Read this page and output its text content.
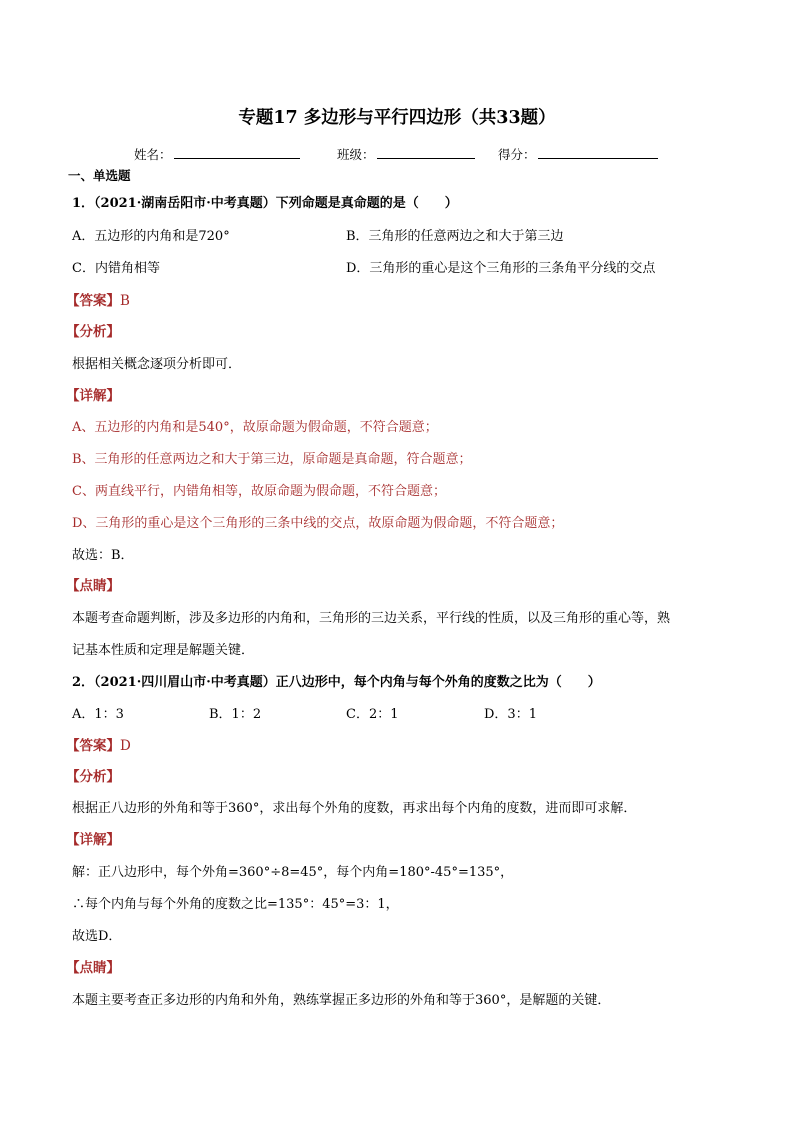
专题17 多边形与平行四边形（共33题）
姓名：	班级：	得分：
一、单选题
1．（2021·湖南岳阳市·中考真题）下列命题是真命题的是（　　）
A．五边形的内角和是720°	B．三角形的任意两边之和大于第三边
C．内错角相等	D．三角形的重心是这个三角形的三条角平分线的交点
【答案】B
【分析】
根据相关概念逐项分析即可．
【详解】
A、五边形的内角和是540°，故原命题为假命题，不符合题意；
B、三角形的任意两边之和大于第三边，原命题是真命题，符合题意；
C、两直线平行，内错角相等，故原命题为假命题，不符合题意；
D、三角形的重心是这个三角形的三条中线的交点，故原命题为假命题，不符合题意；
故选：B．
【点睛】
本题考查命题判断，涉及多边形的内角和，三角形的三边关系，平行线的性质，以及三角形的重心等，熟
记基本性质和定理是解题关键．
2．（2021·四川眉山市·中考真题）正八边形中，每个内角与每个外角的度数之比为（　　）
A．1：3	B．1：2	C．2：1	D．3：1
【答案】D
【分析】
根据正八边形的外角和等于360°，求出每个外角的度数，再求出每个内角的度数，进而即可求解．
【详解】
解：正八边形中，每个外角=360°÷8=45°，每个内角=180°-45°=135°，
∴每个内角与每个外角的度数之比=135°：45°=3：1，
故选D．
【点睛】
本题主要考查正多边形的内角和外角，熟练掌握正多边形的外角和等于360°，是解题的关键．
